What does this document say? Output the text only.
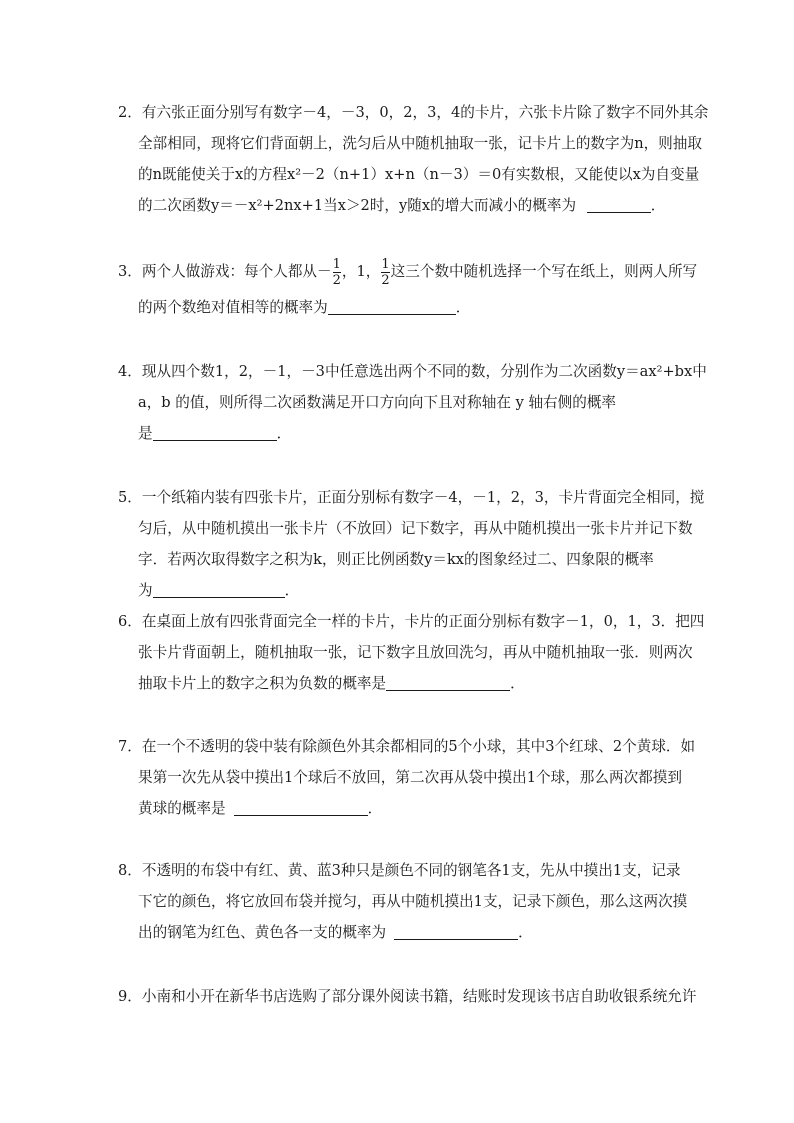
2．有六张正面分别写有数字－4，－3，0，2，3，4的卡片，六张卡片除了数字不同外其余
全部相同，现将它们背面朝上，洗匀后从中随机抽取一张，记卡片上的数字为n，则抽取
的n既能使关于x的方程x²－2（n+1）x+n（n－3）＝0有实数根，又能使以x为自变量
的二次函数y＝－x²+2nx+1当x＞2时，y随x的增大而减小的概率为	．
3．两个人做游戏：每个人都从－ $\frac{1}{2}$ ，1， $\frac{1}{2}$ 这三个数中随机选择一个写在纸上，则两人所写
的两个数绝对值相等的概率为	．
4．现从四个数1，2，－1，－3中任意选出两个不同的数，分别作为二次函数y＝ax²+bx中
a，b 的值，则所得二次函数满足开口方向向下且对称轴在 y 轴右侧的概率
是	．
5．一个纸箱内装有四张卡片，正面分别标有数字－4，－1，2，3，卡片背面完全相同，搅
匀后，从中随机摸出一张卡片（不放回）记下数字，再从中随机摸出一张卡片并记下数
字．若两次取得数字之积为k，则正比例函数y＝kx的图象经过二、四象限的概率
为	．
6．在桌面上放有四张背面完全一样的卡片，卡片的正面分别标有数字－1，0，1，3．把四
张卡片背面朝上，随机抽取一张，记下数字且放回洗匀，再从中随机抽取一张．则两次
抽取卡片上的数字之积为负数的概率是	．
7．在一个不透明的袋中装有除颜色外其余都相同的5个小球，其中3个红球、2个黄球．如
果第一次先从袋中摸出1个球后不放回，第二次再从袋中摸出1个球，那么两次都摸到
黄球的概率是	．
8．不透明的布袋中有红、黄、蓝3种只是颜色不同的钢笔各1支，先从中摸出1支，记录
下它的颜色，将它放回布袋并搅匀，再从中随机摸出1支，记录下颜色，那么这两次摸
出的钢笔为红色、黄色各一支的概率为	．
9．小南和小开在新华书店选购了部分课外阅读书籍，结账时发现该书店自助收银系统允许
